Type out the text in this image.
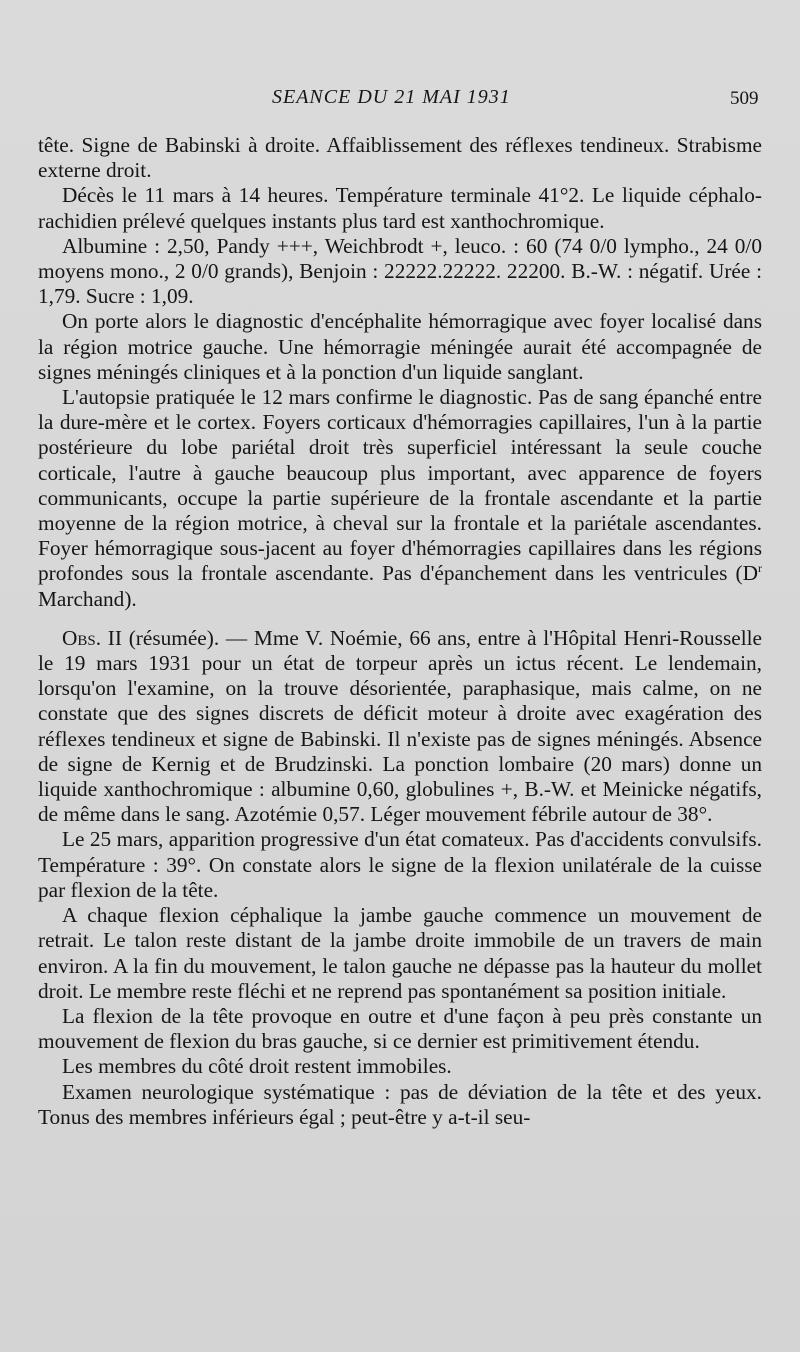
SEANCE DU 21 MAI 1931	509

tête. Signe de Babinski à droite. Affaiblissement des réflexes tendineux. Strabisme externe droit.

Décès le 11 mars à 14 heures. Température terminale 41°2. Le liquide céphalo-rachidien prélevé quelques instants plus tard est xanthochromique.

Albumine : 2,50, Pandy +++, Weichbrodt +, leuco. : 60 (74 0/0 lympho., 24 0/0 moyens mono., 2 0/0 grands), Benjoin : 22222.22222. 22200. B.-W. : négatif. Urée : 1,79. Sucre : 1,09.

On porte alors le diagnostic d'encéphalite hémorragique avec foyer localisé dans la région motrice gauche. Une hémorragie méningée aurait été accompagnée de signes méningés cliniques et à la ponction d'un liquide sanglant.

L'autopsie pratiquée le 12 mars confirme le diagnostic. Pas de sang épanché entre la dure-mère et le cortex. Foyers corticaux d'hémorragies capillaires, l'un à la partie postérieure du lobe pariétal droit très superficiel intéressant la seule couche corticale, l'autre à gauche beaucoup plus important, avec apparence de foyers communicants, occupe la partie supérieure de la frontale ascendante et la partie moyenne de la région motrice, à cheval sur la frontale et la pariétale ascendantes. Foyer hémorragique sous-jacent au foyer d'hémorragies capillaires dans les régions profondes sous la frontale ascendante. Pas d'épanchement dans les ventricules ($D^r$ Marchand).

Obs. II (résumée). — Mme V. Noémie, 66 ans, entre à l'Hôpital Henri-Rousselle le 19 mars 1931 pour un état de torpeur après un ictus récent. Le lendemain, lorsqu'on l'examine, on la trouve désorientée, paraphasique, mais calme, on ne constate que des signes discrets de déficit moteur à droite avec exagération des réflexes tendineux et signe de Babinski. Il n'existe pas de signes méningés. Absence de signe de Kernig et de Brudzinski. La ponction lombaire (20 mars) donne un liquide xanthochromique : albumine 0,60, globulines +, B.-W. et Meinicke négatifs, de même dans le sang. Azotémie 0,57. Léger mouvement fébrile autour de 38°.

Le 25 mars, apparition progressive d'un état comateux. Pas d'accidents convulsifs. Température : 39°. On constate alors le signe de la flexion unilatérale de la cuisse par flexion de la tête.

A chaque flexion céphalique la jambe gauche commence un mouvement de retrait. Le talon reste distant de la jambe droite immobile de un travers de main environ. A la fin du mouvement, le talon gauche ne dépasse pas la hauteur du mollet droit. Le membre reste fléchi et ne reprend pas spontanément sa position initiale.

La flexion de la tête provoque en outre et d'une façon à peu près constante un mouvement de flexion du bras gauche, si ce dernier est primitivement étendu.

Les membres du côté droit restent immobiles.

Examen neurologique systématique : pas de déviation de la tête et des yeux. Tonus des membres inférieurs égal ; peut-être y a-t-il seu-
